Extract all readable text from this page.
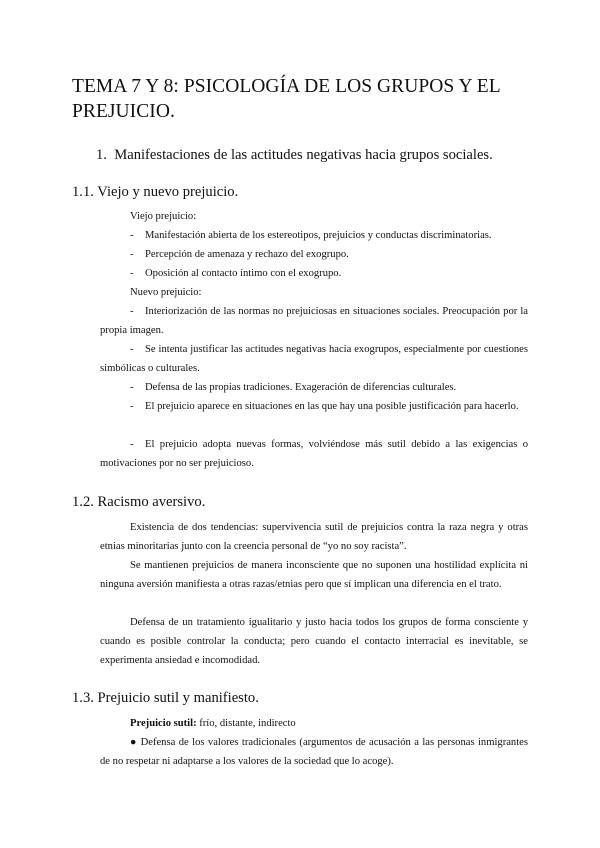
TEMA 7 Y 8: PSICOLOGÍA DE LOS GRUPOS Y EL
PREJUICIO.
1. Manifestaciones de las actitudes negativas hacia grupos sociales.
1.1. Viejo y nuevo prejuicio.
Viejo prejuicio:
- Manifestación abierta de los estereotipos, prejuicios y conductas discriminatorias.
- Percepción de amenaza y rechazo del exogrupo.
- Oposición al contacto íntimo con el exogrupo.
Nuevo prejuicio:
- Interiorización de las normas no prejuiciosas en situaciones sociales. Preocupación por la propia imagen.
- Se intenta justificar las actitudes negativas hacia exogrupos, especialmente por cuestiones simbólicas o culturales.
- Defensa de las propias tradiciones. Exageración de diferencias culturales.
- El prejuicio aparece en situaciones en las que hay una posible justificación para hacerlo.
- El prejuicio adopta nuevas formas, volviéndose más sutil debido a las exigencias o motivaciones por no ser prejuicioso.
1.2. Racismo aversivo.
Existencia de dos tendencias: supervivencia sutil de prejuicios contra la raza negra y otras etnias minoritarias junto con la creencia personal de “yo no soy racista”.
Se mantienen prejuicios de manera inconsciente que no suponen una hostilidad explícita ni ninguna aversión manifiesta a otras razas/etnias pero que sí implican una diferencia en el trato.
Defensa de un tratamiento igualitario y justo hacia todos los grupos de forma consciente y cuando es posible controlar la conducta; pero cuando el contacto interracial es inevitable, se experimenta ansiedad e incomodidad.
1.3. Prejuicio sutil y manifiesto.
Prejuicio sutil: frío, distante, indirecto
● Defensa de los valores tradicionales (argumentos de acusación a las personas inmigrantes de no respetar ni adaptarse a los valores de la sociedad que lo acoge).
